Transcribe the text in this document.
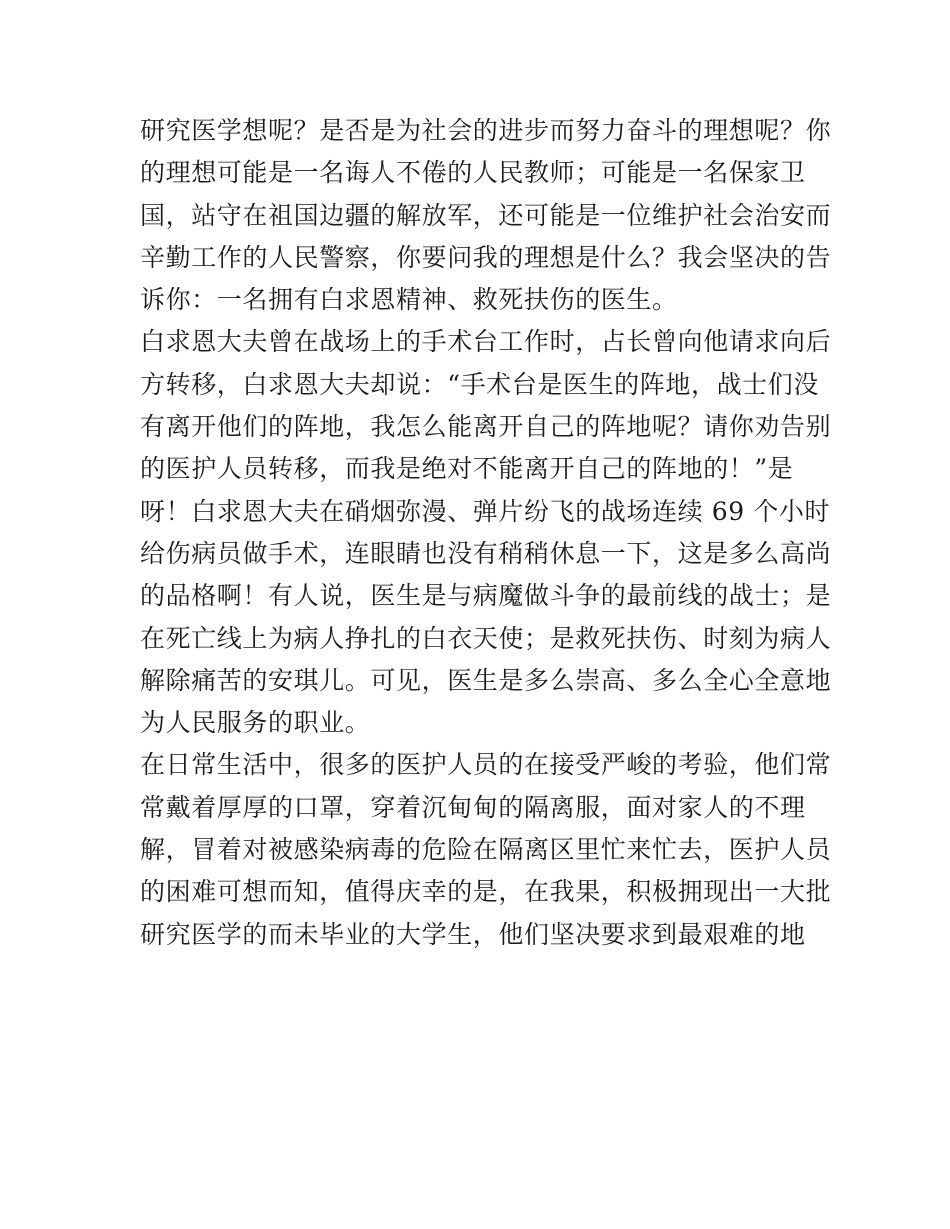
研究医学想呢？是否是为社会的进步而努力奋斗的理想呢？你
的理想可能是一名诲人不倦的人民教师；可能是一名保家卫
国，站守在祖国边疆的解放军，还可能是一位维护社会治安而
辛勤工作的人民警察，你要问我的理想是什么？我会坚决的告
诉你：一名拥有白求恩精神、救死扶伤的医生。
白求恩大夫曾在战场上的手术台工作时，占长曾向他请求向后
方转移，白求恩大夫却说：“手术台是医生的阵地，战士们没
有离开他们的阵地，我怎么能离开自己的阵地呢？请你劝告别
的医护人员转移，而我是绝对不能离开自己的阵地的！”是
呀！白求恩大夫在硝烟弥漫、弹片纷飞的战场连续 69 个小时
给伤病员做手术，连眼睛也没有稍稍休息一下，这是多么高尚
的品格啊！有人说，医生是与病魔做斗争的最前线的战士；是
在死亡线上为病人挣扎的白衣天使；是救死扶伤、时刻为病人
解除痛苦的安琪儿。可见，医生是多么崇高、多么全心全意地
为人民服务的职业。
在日常生活中，很多的医护人员的在接受严峻的考验，他们常
常戴着厚厚的口罩，穿着沉甸甸的隔离服，面对家人的不理
解，冒着对被感染病毒的危险在隔离区里忙来忙去，医护人员
的困难可想而知，值得庆幸的是，在我果，积极拥现出一大批
研究医学的而未毕业的大学生，他们坚决要求到最艰难的地
